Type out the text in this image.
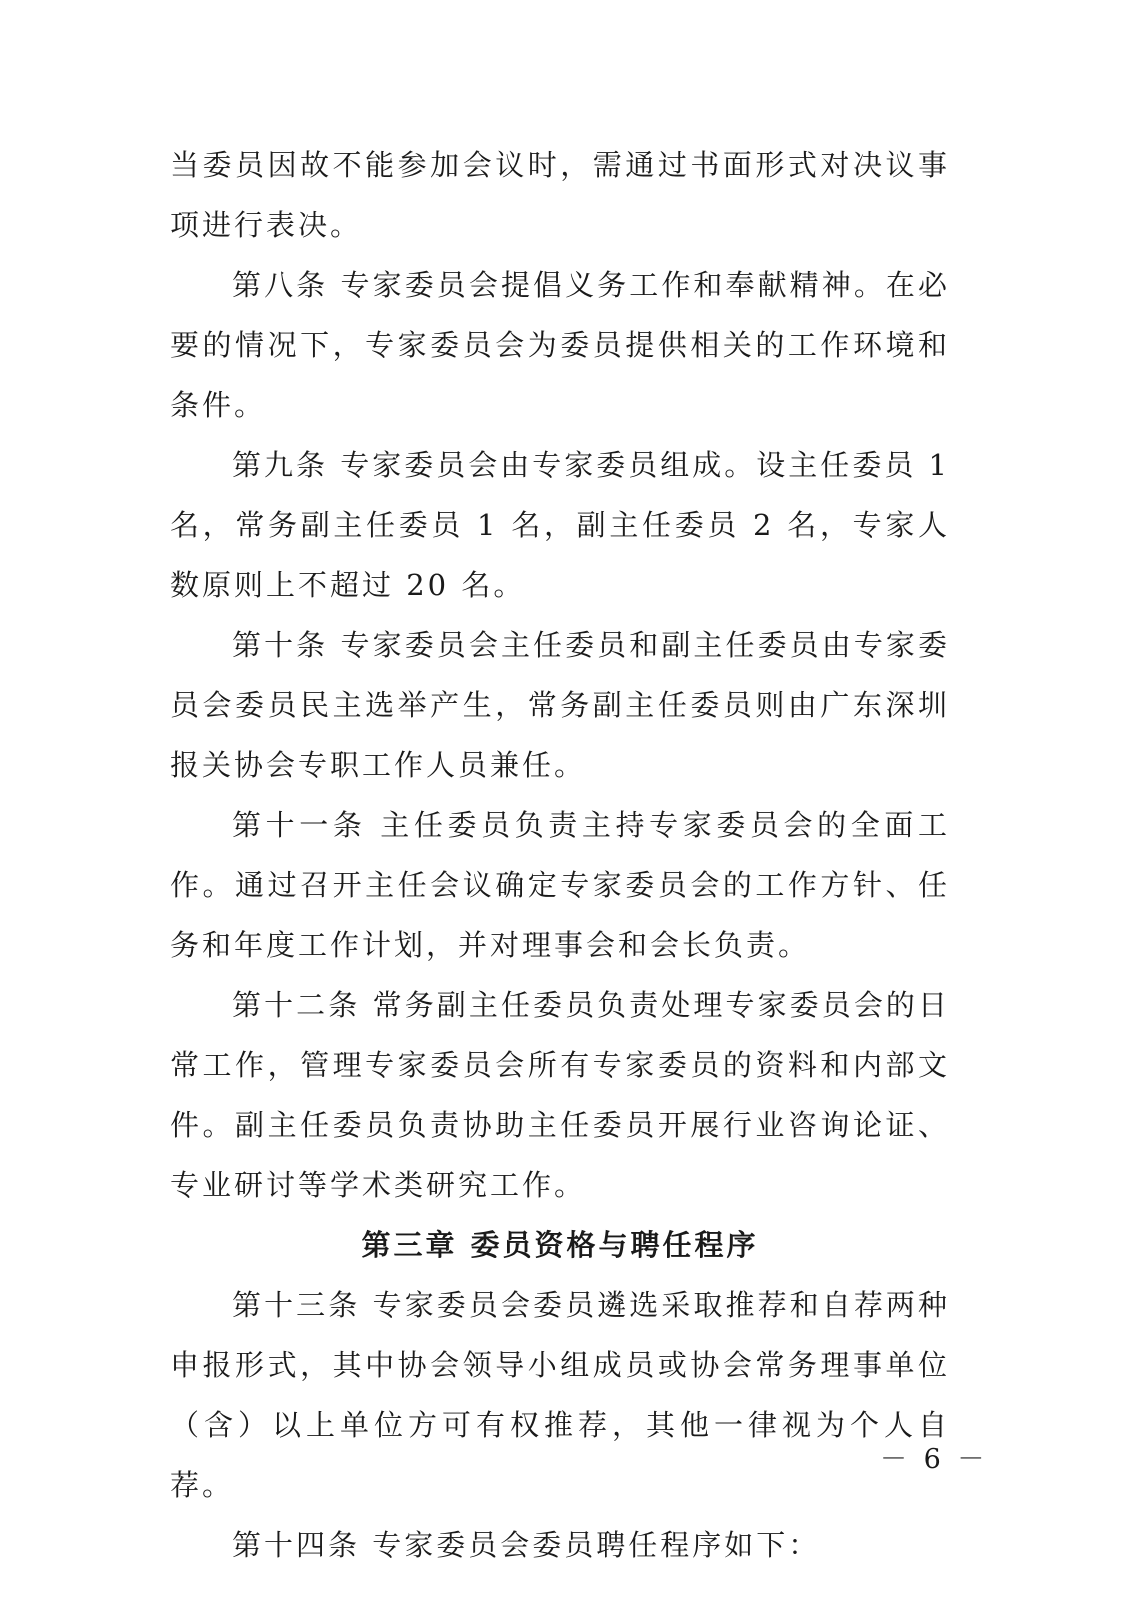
当委员因故不能参加会议时，需通过书面形式对决议事项进行表决。

第八条 专家委员会提倡义务工作和奉献精神。在必要的情况下，专家委员会为委员提供相关的工作环境和条件。

第九条 专家委员会由专家委员组成。设主任委员 1 名，常务副主任委员 1 名，副主任委员 2 名，专家人数原则上不超过 20 名。

第十条 专家委员会主任委员和副主任委员由专家委员会委员民主选举产生，常务副主任委员则由广东深圳报关协会专职工作人员兼任。

第十一条 主任委员负责主持专家委员会的全面工作。通过召开主任会议确定专家委员会的工作方针、任务和年度工作计划，并对理事会和会长负责。

第十二条 常务副主任委员负责处理专家委员会的日常工作，管理专家委员会所有专家委员的资料和内部文件。副主任委员负责协助主任委员开展行业咨询论证、专业研讨等学术类研究工作。

第三章 委员资格与聘任程序

第十三条 专家委员会委员遴选采取推荐和自荐两种申报形式，其中协会领导小组成员或协会常务理事单位（含）以上单位方可有权推荐，其他一律视为个人自荐。

第十四条 专家委员会委员聘任程序如下：

－ 6 －
